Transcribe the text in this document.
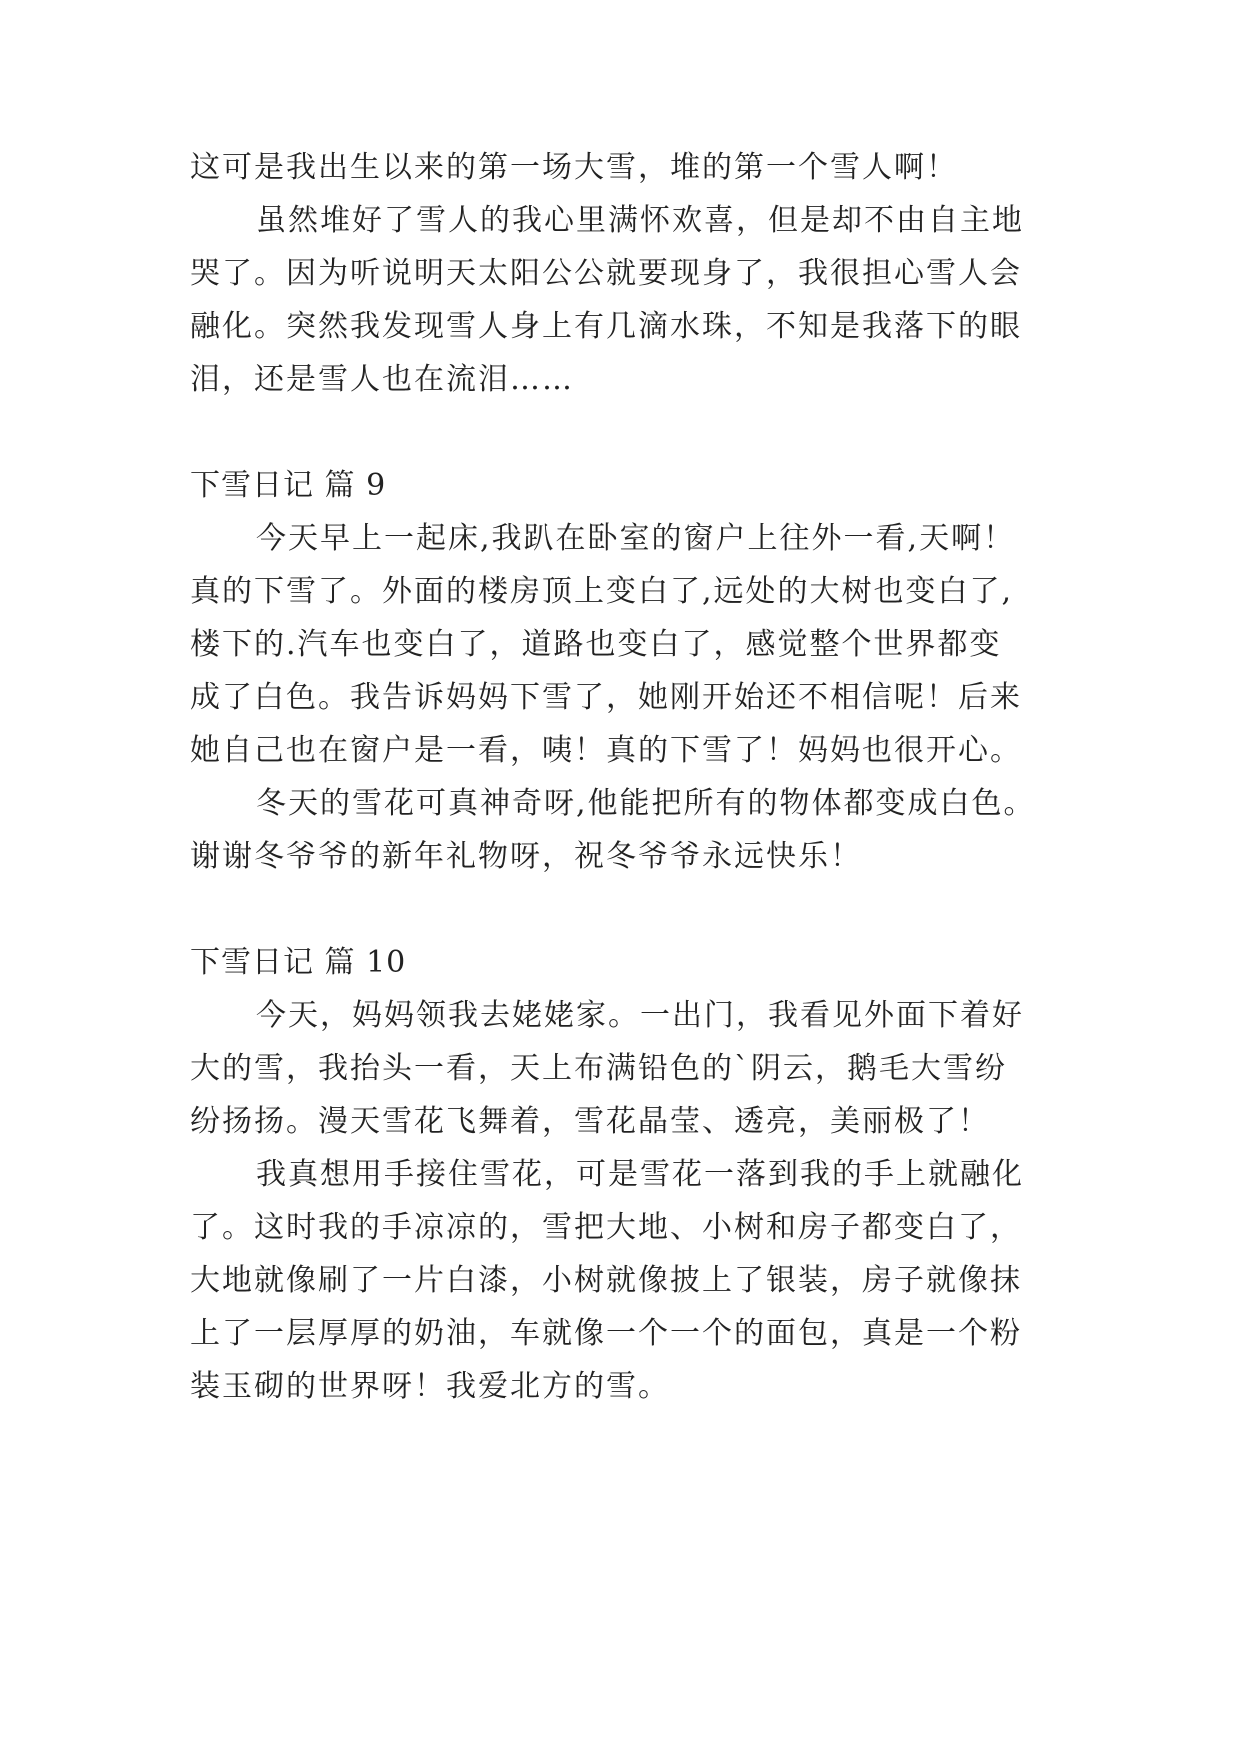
这可是我出生以来的第一场大雪，堆的第一个雪人啊！
虽然堆好了雪人的我心里满怀欢喜，但是却不由自主地
哭了。因为听说明天太阳公公就要现身了，我很担心雪人会
融化。突然我发现雪人身上有几滴水珠，不知是我落下的眼
泪，还是雪人也在流泪……
下雪日记 篇 9
今天早上一起床,我趴在卧室的窗户上往外一看,天啊！
真的下雪了。外面的楼房顶上变白了,远处的大树也变白了,
楼下的.汽车也变白了，道路也变白了，感觉整个世界都变
成了白色。我告诉妈妈下雪了，她刚开始还不相信呢！后来
她自己也在窗户是一看，咦！真的下雪了！妈妈也很开心。
冬天的雪花可真神奇呀,他能把所有的物体都变成白色。
谢谢冬爷爷的新年礼物呀，祝冬爷爷永远快乐！
下雪日记 篇 10
今天，妈妈领我去姥姥家。一出门，我看见外面下着好
大的雪，我抬头一看，天上布满铅色的`阴云，鹅毛大雪纷
纷扬扬。漫天雪花飞舞着，雪花晶莹、透亮，美丽极了！
我真想用手接住雪花，可是雪花一落到我的手上就融化
了。这时我的手凉凉的，雪把大地、小树和房子都变白了，
大地就像刷了一片白漆，小树就像披上了银装，房子就像抹
上了一层厚厚的奶油，车就像一个一个的面包，真是一个粉
装玉砌的世界呀！我爱北方的雪。
